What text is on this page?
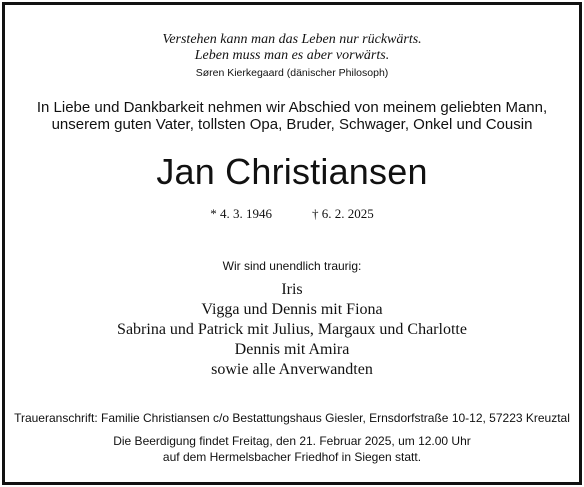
Verstehen kann man das Leben nur rückwärts.
Leben muss man es aber vorwärts.
Søren Kierkegaard (dänischer Philosoph)
In Liebe und Dankbarkeit nehmen wir Abschied von meinem geliebten Mann,
unserem guten Vater, tollsten Opa, Bruder, Schwager, Onkel und Cousin
Jan Christiansen
* 4. 3. 1946	† 6. 2. 2025
Wir sind unendlich traurig:
Iris
Vigga und Dennis mit Fiona
Sabrina und Patrick mit Julius, Margaux und Charlotte
Dennis mit Amira
sowie alle Anverwandten
Traueranschrift: Familie Christiansen c/o Bestattungshaus Giesler, Ernsdorfstraße 10-12, 57223 Kreuztal
Die Beerdigung findet Freitag, den 21. Februar 2025, um 12.00 Uhr
auf dem Hermelsbacher Friedhof in Siegen statt.
